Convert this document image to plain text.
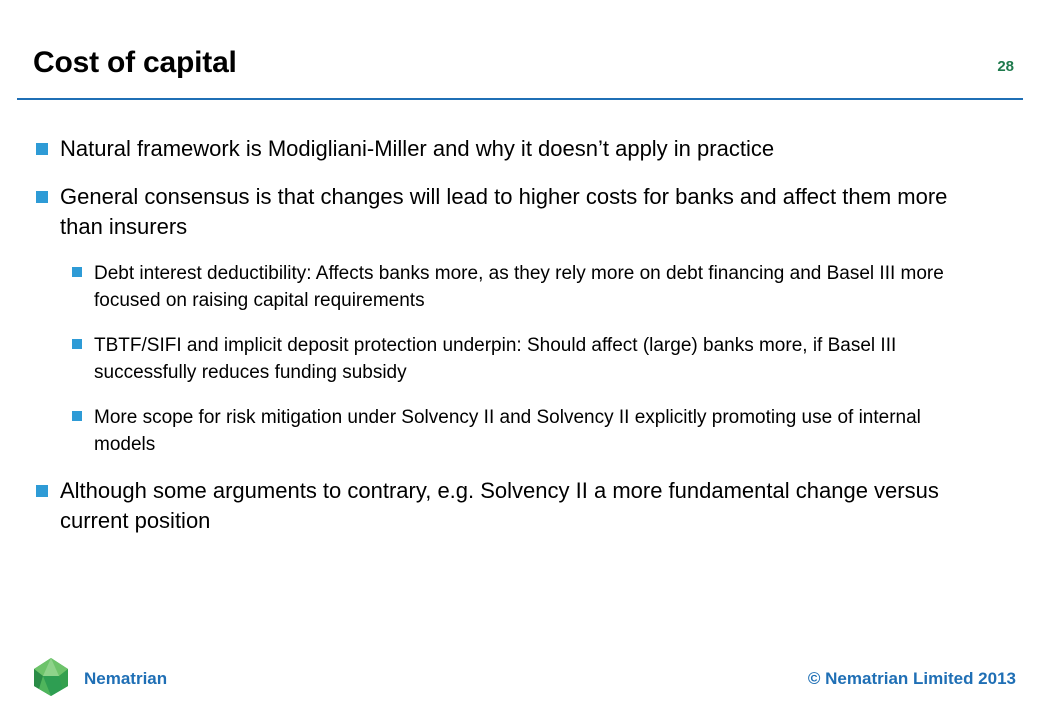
Cost of capital	28
Natural framework is Modigliani-Miller and why it doesn’t apply in practice
General consensus is that changes will lead to higher costs for banks and affect them more than insurers
Debt interest deductibility: Affects banks more, as they rely more on debt financing and Basel III more focused on raising capital requirements
TBTF/SIFI and implicit deposit protection underpin: Should affect (large) banks more, if Basel III successfully reduces funding subsidy
More scope for risk mitigation under Solvency II and Solvency II explicitly promoting use of internal models
Although some arguments to contrary, e.g. Solvency II a more fundamental change versus current position
Nematrian	© Nematrian Limited 2013
